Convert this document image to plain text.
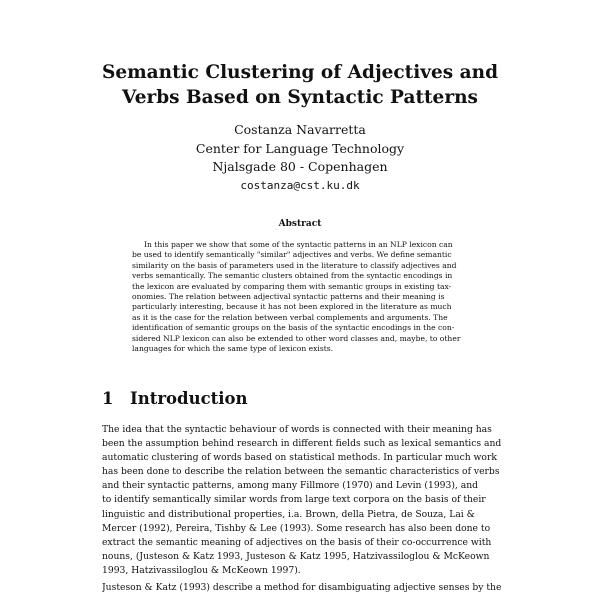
Semantic Clustering of Adjectives and
Verbs Based on Syntactic Patterns
Costanza Navarretta
Center for Language Technology
Njalsgade 80 - Copenhagen
costanza@cst.ku.dk
Abstract

In this paper we show that some of the syntactic patterns in an NLP lexicon can
be used to identify semantically "similar" adjectives and verbs. We define semantic
similarity on the basis of parameters used in the literature to classify adjectives and
verbs semantically. The semantic clusters obtained from the syntactic encodings in
the lexicon are evaluated by comparing them with semantic groups in existing tax-
onomies. The relation between adjectival syntactic patterns and their meaning is
particularly interesting, because it has not been explored in the literature as much
as it is the case for the relation between verbal complements and arguments. The
identification of semantic groups on the basis of the syntactic encodings in the con-
sidered NLP lexicon can also be extended to other word classes and, maybe, to other
languages for which the same type of lexicon exists.

1 Introduction

The idea that the syntactic behaviour of words is connected with their meaning has
been the assumption behind research in different fields such as lexical semantics and
automatic clustering of words based on statistical methods. In particular much work
has been done to describe the relation between the semantic characteristics of verbs
and their syntactic patterns, among many Fillmore (1970) and Levin (1993), and
to identify semantically similar words from large text corpora on the basis of their
linguistic and distributional properties, i.a. Brown, della Pietra, de Souza, Lai &
Mercer (1992), Pereira, Tishby & Lee (1993). Some research has also been done to
extract the semantic meaning of adjectives on the basis of their co-occurrence with
nouns, (Justeson & Katz 1993, Justeson & Katz 1995, Hatzivassiloglou & McKeown
1993, Hatzivassiloglou & McKeown 1997).

Justeson & Katz (1993) describe a method for disambiguating adjective senses by the
